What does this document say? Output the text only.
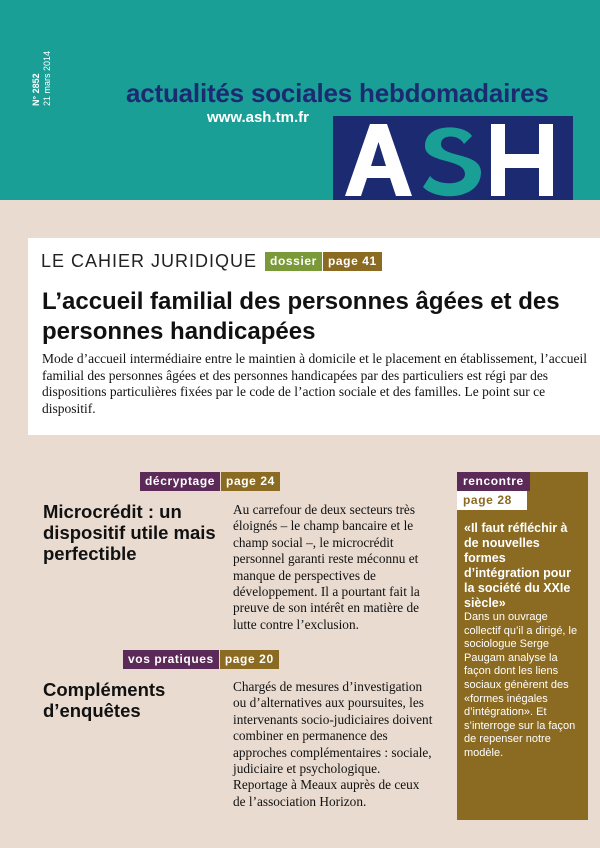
N° 2852 21 mars 2014	actualités sociales hebdomadaires
www.ash.tm.fr
LE CAHIER JURIDIQUE	dossier page 41
L’accueil familial des personnes âgées et des personnes handicapées
Mode d’accueil intermédiaire entre le maintien à domicile et le placement en établissement, l’accueil familial des personnes âgées et des personnes handicapées par des particuliers est régi par des dispositions particulières fixées par le code de l’action sociale et des familles. Le point sur ce dispositif.
décryptage page 24
Microcrédit : un dispositif utile mais perfectible
Au carrefour de deux secteurs très éloignés – le champ bancaire et le champ social –, le microcrédit personnel garanti reste méconnu et manque de perspectives de développement. Il a pourtant fait la preuve de son intérêt en matière de lutte contre l’exclusion.
vos pratiques page 20
Compléments d’enquêtes
Chargés de mesures d’investigation ou d’alternatives aux poursuites, les intervenants socio-judiciaires doivent combiner en permanence des approches complémentaires : sociale, judiciaire et psychologique. Reportage à Meaux auprès de ceux de l’association Horizon.
rencontre
page 28
«Il faut réfléchir à de nouvelles formes d’intégration pour la société du XXIe siècle»
Dans un ouvrage collectif qu’il a dirigé, le sociologue Serge Paugam analyse la façon dont les liens sociaux génèrent des «formes inégales d’intégration». Et s’interroge sur la façon de repenser notre modèle.
